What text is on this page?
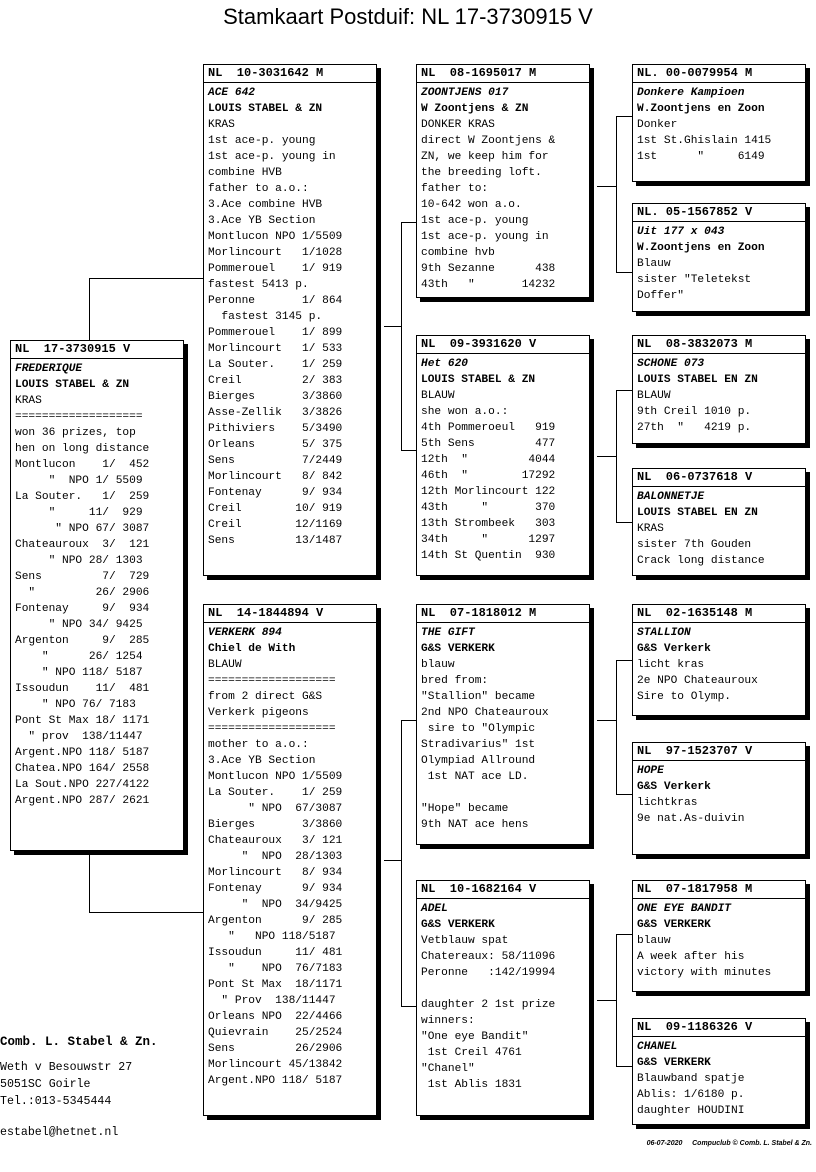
Stamkaart Postduif: NL 17-3730915 V
NL  17-3730915 V
FREDERIQUE
LOUIS STABEL & ZN
KRAS
===================
won 36 prizes, top
hen on long distance
Montlucon    1/  452
"  NPO 1/ 5509
La Souter.   1/  259
"     11/  929
" NPO 67/ 3087
Chateauroux  3/  121
" NPO 28/ 1303
Sens         7/  729
"         26/ 2906
Fontenay     9/  934
" NPO 34/ 9425
Argenton     9/  285
"      26/ 1254
" NPO 118/ 5187
Issoudun    11/  481
" NPO 76/ 7183
Pont St Max 18/ 1171
" prov  138/11447
Argent.NPO 118/ 5187
Chatea.NPO 164/ 2558
La Sout.NPO 227/4122
Argent.NPO 287/ 2621
NL  10-3031642 M
ACE 642
LOUIS STABEL & ZN
KRAS
1st ace-p. young
1st ace-p. young in
combine HVB
father to a.o.:
3.Ace combine HVB
3.Ace YB Section
Montlucon NPO 1/5509
Morlincourt   1/1028
Pommerouel    1/ 919
fastest 5413 p.
Peronne       1/ 864
fastest 3145 p.
Pommerouel    1/ 899
Morlincourt   1/ 533
La Souter.    1/ 259
Creil         2/ 383
Bierges       3/3860
Asse-Zellik   3/3826
Pithiviers    5/3490
Orleans       5/ 375
Sens          7/2449
Morlincourt   8/ 842
Fontenay      9/ 934
Creil        10/ 919
Creil        12/1169
Sens         13/1487
NL  14-1844894 V
VERKERK 894
Chiel de With
BLAUW
===================
from 2 direct G&S
Verkerk pigeons
===================
mother to a.o.:
3.Ace YB Section
Montlucon NPO 1/5509
La Souter.    1/ 259
" NPO  67/3087
Bierges       3/3860
Chateauroux   3/ 121
"  NPO  28/1303
Morlincourt   8/ 934
Fontenay      9/ 934
"  NPO  34/9425
Argenton      9/ 285
"   NPO 118/5187
Issoudun     11/ 481
"    NPO  76/7183
Pont St Max  18/1171
" Prov  138/11447
Orleans NPO  22/4466
Quievrain    25/2524
Sens         26/2906
Morlincourt 45/13842
Argent.NPO 118/ 5187
NL  08-1695017 M
ZOONTJENS 017
W Zoontjens & ZN
DONKER KRAS
direct W Zoontjens &
ZN, we keep him for
the breeding loft.
father to:
10-642 won a.o.
1st ace-p. young
1st ace-p. young in
combine hvb
9th Sezanne      438
43th   "       14232
NL  09-3931620 V
Het 620
LOUIS STABEL & ZN
BLAUW
she won a.o.:
4th Pommeroeul   919
5th Sens         477
12th  "         4044
46th  "        17292
12th Morlincourt 122
43th     "       370
13th Strombeek   303
34th     "      1297
14th St Quentin  930
NL  07-1818012 M
THE GIFT
G&S VERKERK
blauw
bred from:
"Stallion" became
2nd NPO Chateauroux
sire to "Olympic
Stradivarius" 1st
Olympiad Allround
1st NAT ace LD.

"Hope" became
9th NAT ace hens
NL  10-1682164 V
ADEL
G&S VERKERK
Vetblauw spat
Chatereaux: 58/11096
Peronne   :142/19994

daughter 2 1st prize
winners:
"One eye Bandit"
1st Creil 4761
"Chanel"
1st Ablis 1831
NL. 00-0079954 M
Donkere Kampioen
W.Zoontjens en Zoon
Donker
1st St.Ghislain 1415
1st      "     6149
NL. 05-1567852 V
Uit 177 x 043
W.Zoontjens en Zoon
Blauw
sister "Teletekst
Doffer"
NL  08-3832073 M
SCHONE 073
LOUIS STABEL EN ZN
BLAUW
9th Creil 1010 p.
27th  "   4219 p.
NL  06-0737618 V
BALONNETJE
LOUIS STABEL EN ZN
KRAS
sister 7th Gouden
Crack long distance
NL  02-1635148 M
STALLION
G&S Verkerk
licht kras
2e NPO Chateauroux
Sire to Olymp.
NL  97-1523707 V
HOPE
G&S Verkerk
lichtkras
9e nat.As-duivin
NL  07-1817958 M
ONE EYE BANDIT
G&S VERKERK
blauw
A week after his
victory with minutes
NL  09-1186326 V
CHANEL
G&S VERKERK
Blauwband spatje
Ablis: 1/6180 p.
daughter HOUDINI
Comb. L. Stabel & Zn.
Weth v Besouwstr 27
5051SC Goirle
Tel.:013-5345444
estabel@hetnet.nl
06-07-2020 Compuclub © Comb. L. Stabel & Zn.
